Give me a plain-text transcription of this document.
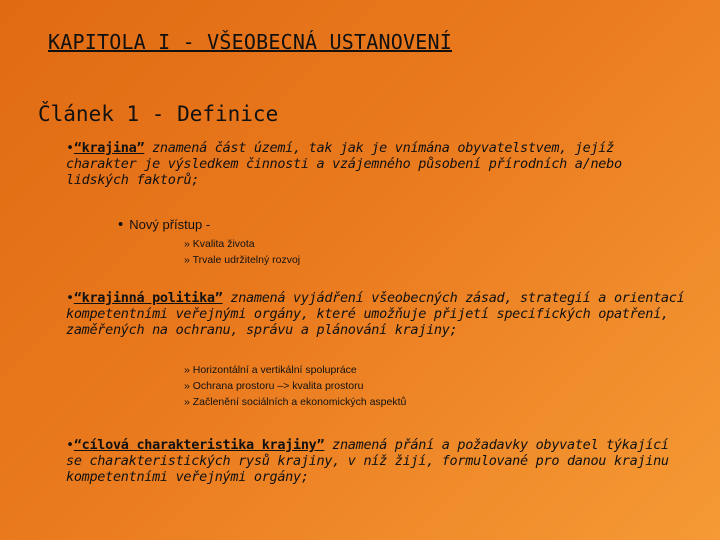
KAPITOLA I - VŠEOBECNÁ USTANOVENÍ
Článek 1 - Definice
•“krajina” znamená část území, tak jak je vnímána obyvatelstvem, jejíž charakter je výsledkem činnosti a vzájemného působení přírodních a/nebo lidských faktorů;
• Nový přístup -
» Kvalita života
» Trvale udržitelný rozvoj
•“krajinná politika” znamená vyjádření všeobecných zásad, strategií a orientací kompetentními veřejnými orgány, které umožňuje přijetí specifických opatření, zaměřených na ochranu, správu a plánování krajiny;
» Horizontální a vertikální spolupráce
» Ochrana prostoru –> kvalita prostoru
» Začlenění sociálních a ekonomických aspektů
•“cílová charakteristika krajiny” znamená přání a požadavky obyvatel týkající se charakteristických rysů krajiny, v níž žijí, formulované pro danou krajinu kompetentními veřejnými orgány;
